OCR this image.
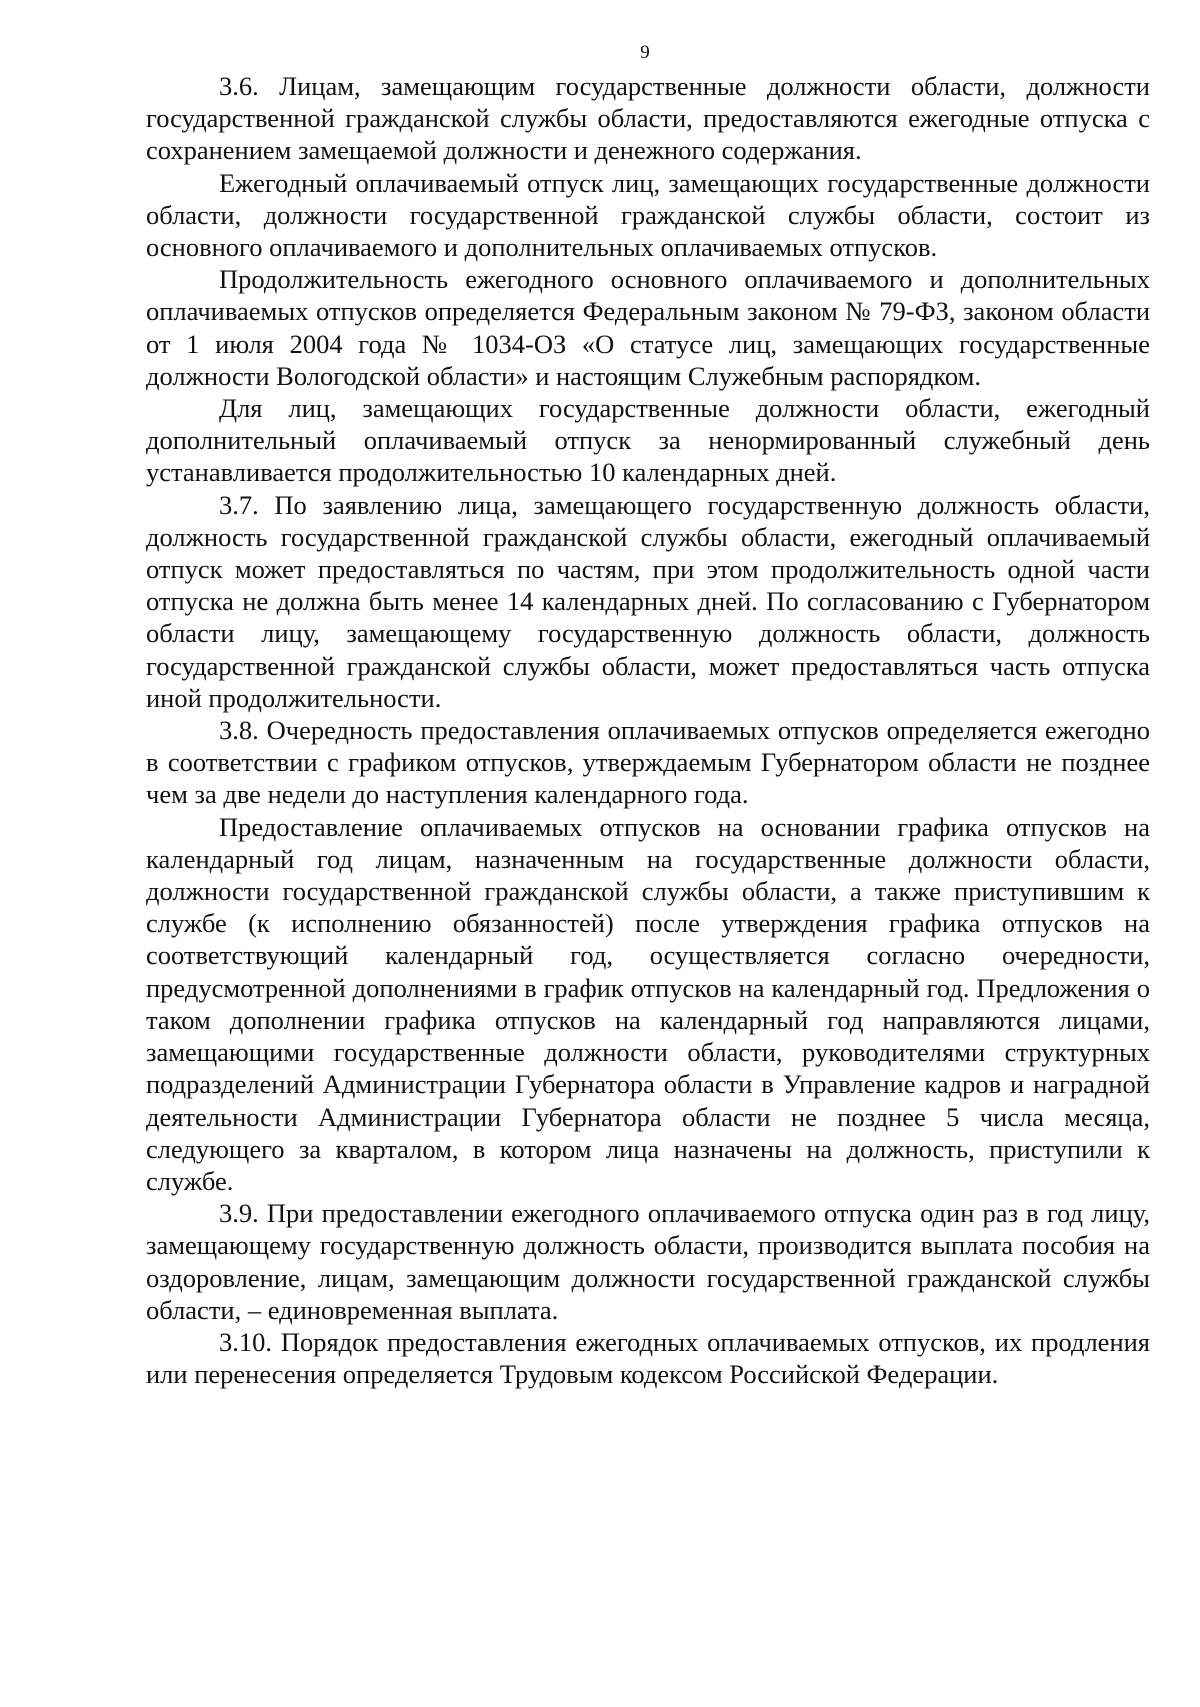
9

3.6. Лицам, замещающим государственные должности области, должности государственной гражданской службы области, предоставляются ежегодные отпуска с сохранением замещаемой должности и денежного содержания.

Ежегодный оплачиваемый отпуск лиц, замещающих государственные должности области, должности государственной гражданской службы области, состоит из основного оплачиваемого и дополнительных оплачиваемых отпусков.

Продолжительность ежегодного основного оплачиваемого и дополнительных оплачиваемых отпусков определяется Федеральным законом № 79-ФЗ, законом области от 1 июля 2004 года № 1034-ОЗ «О статусе лиц, замещающих государственные должности Вологодской области» и настоящим Служебным распорядком.

Для лиц, замещающих государственные должности области, ежегодный дополнительный оплачиваемый отпуск за ненормированный служебный день устанавливается продолжительностью 10 календарных дней.

3.7. По заявлению лица, замещающего государственную должность области, должность государственной гражданской службы области, ежегодный оплачиваемый отпуск может предоставляться по частям, при этом продолжительность одной части отпуска не должна быть менее 14 календарных дней. По согласованию с Губернатором области лицу, замещающему государственную должность области, должность государственной гражданской службы области, может предоставляться часть отпуска иной продолжительности.

3.8. Очередность предоставления оплачиваемых отпусков определяется ежегодно в соответствии с графиком отпусков, утверждаемым Губернатором области не позднее чем за две недели до наступления календарного года.

Предоставление оплачиваемых отпусков на основании графика отпусков на календарный год лицам, назначенным на государственные должности области, должности государственной гражданской службы области, а также приступившим к службе (к исполнению обязанностей) после утверждения графика отпусков на соответствующий календарный год, осуществляется согласно очередности, предусмотренной дополнениями в график отпусков на календарный год. Предложения о таком дополнении графика отпусков на календарный год направляются лицами, замещающими государственные должности области, руководителями структурных подразделений Администрации Губернатора области в Управление кадров и наградной деятельности Администрации Губернатора области не позднее 5 числа месяца, следующего за кварталом, в котором лица назначены на должность, приступили к службе.

3.9. При предоставлении ежегодного оплачиваемого отпуска один раз в год лицу, замещающему государственную должность области, производится выплата пособия на оздоровление, лицам, замещающим должности государственной гражданской службы области, – единовременная выплата.

3.10. Порядок предоставления ежегодных оплачиваемых отпусков, их продления или перенесения определяется Трудовым кодексом Российской Федерации.
